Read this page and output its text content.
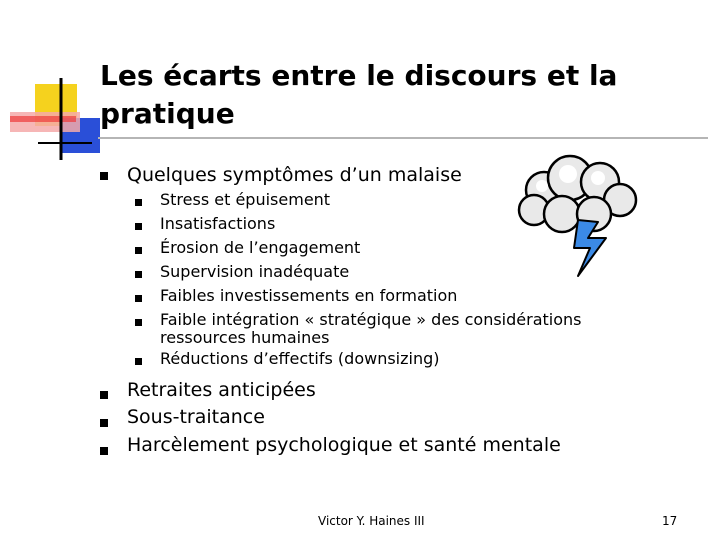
Les écarts entre le discours et la
pratique
Quelques symptômes d’un malaise
Stress et épuisement
Insatisfactions
Érosion de l’engagement
Supervision inadéquate
Faibles investissements en formation
Faible intégration « stratégique » des considérations
ressources humaines
Réductions d’effectifs (downsizing)
Retraites anticipées
Sous-traitance
Harcèlement psychologique et santé mentale
Victor Y. Haines III	17
